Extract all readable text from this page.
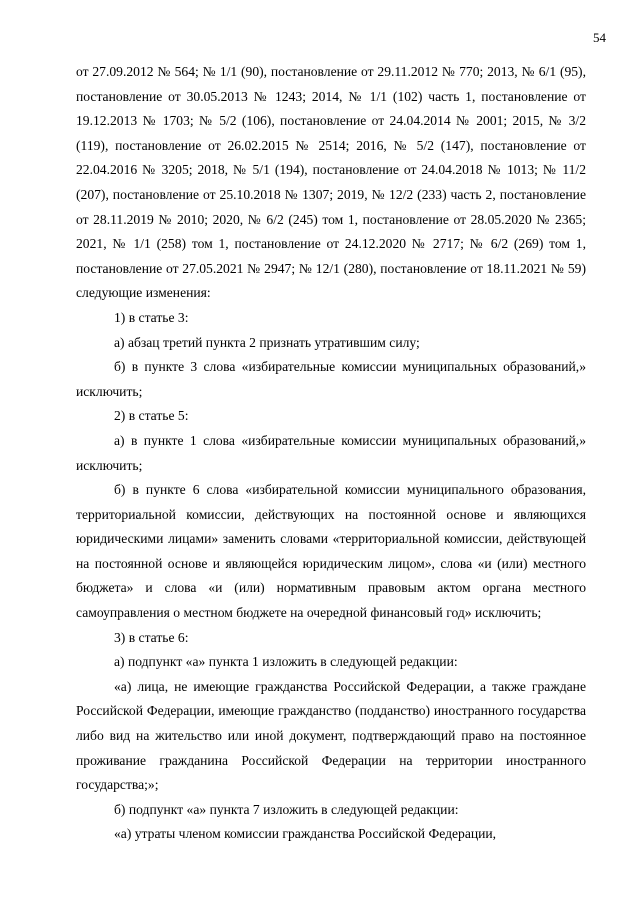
54

от 27.09.2012 № 564; № 1/1 (90), постановление от 29.11.2012 № 770; 2013, № 6/1 (95), постановление от 30.05.2013 № 1243; 2014, № 1/1 (102) часть 1, постановление от 19.12.2013 № 1703; № 5/2 (106), постановление от 24.04.2014 № 2001; 2015, № 3/2 (119), постановление от 26.02.2015 № 2514; 2016, № 5/2 (147), постановление от 22.04.2016 № 3205; 2018, № 5/1 (194), постановление от 24.04.2018 № 1013; № 11/2 (207), постановление от 25.10.2018 № 1307; 2019, № 12/2 (233) часть 2, постановление от 28.11.2019 № 2010; 2020, № 6/2 (245) том 1, постановление от 28.05.2020 № 2365; 2021, № 1/1 (258) том 1, постановление от 24.12.2020 № 2717; № 6/2 (269) том 1, постановление от 27.05.2021 № 2947; № 12/1 (280), постановление от 18.11.2021 № 59) следующие изменения:

1) в статье 3:

а) абзац третий пункта 2 признать утратившим силу;

б) в пункте 3 слова «избирательные комиссии муниципальных образований,» исключить;

2) в статье 5:

а) в пункте 1 слова «избирательные комиссии муниципальных образований,» исключить;

б) в пункте 6 слова «избирательной комиссии муниципального образования, территориальной комиссии, действующих на постоянной основе и являющихся юридическими лицами» заменить словами «территориальной комиссии, действующей на постоянной основе и являющейся юридическим лицом», слова «и (или) местного бюджета» и слова «и (или) нормативным правовым актом органа местного самоуправления о местном бюджете на очередной финансовый год» исключить;

3) в статье 6:

а) подпункт «а» пункта 1 изложить в следующей редакции:

«а) лица, не имеющие гражданства Российской Федерации, а также граждане Российской Федерации, имеющие гражданство (подданство) иностранного государства либо вид на жительство или иной документ, подтверждающий право на постоянное проживание гражданина Российской Федерации на территории иностранного государства;»;

б) подпункт «а» пункта 7 изложить в следующей редакции:

«а) утраты членом комиссии гражданства Российской Федерации,
